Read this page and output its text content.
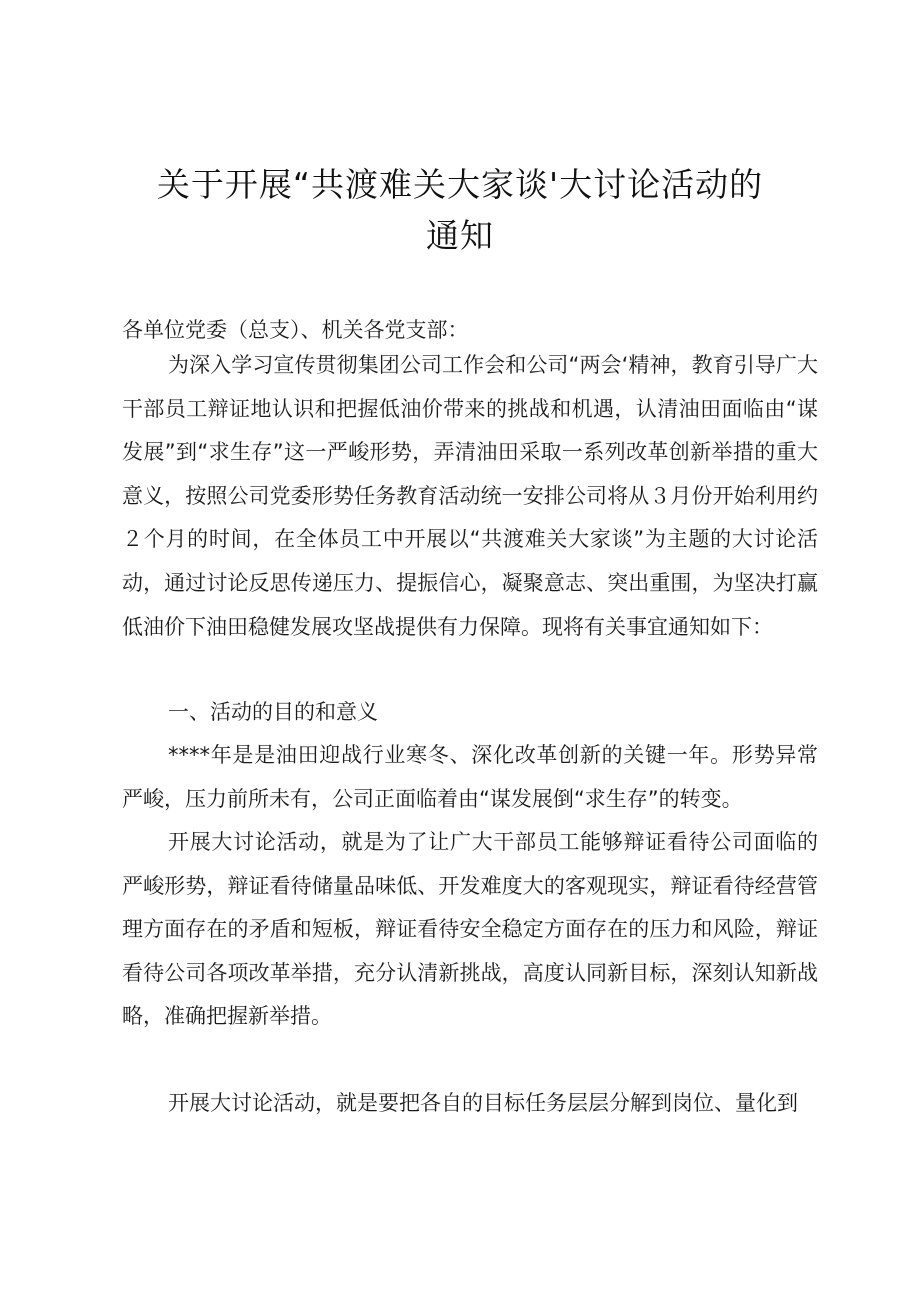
关于开展“共渡难关大家谈'大讨论活动的
通知

各单位党委（总支）、机关各党支部：

为深入学习宣传贯彻集团公司工作会和公司“两会‘精神，教育引导广大干部员工辩证地认识和把握低油价带来的挑战和机遇，认清油田面临由“谋发展”到“求生存”这一严峻形势，弄清油田采取一系列改革创新举措的重大意义，按照公司党委形势任务教育活动统一安排公司将从３月份开始利用约２个月的时间，在全体员工中开展以“共渡难关大家谈”为主题的大讨论活动，通过讨论反思传递压力、提振信心，凝聚意志、突出重围，为坚决打赢低油价下油田稳健发展攻坚战提供有力保障。现将有关事宜通知如下：

一、活动的目的和意义

****年是是油田迎战行业寒冬、深化改革创新的关键一年。形势异常严峻，压力前所未有，公司正面临着由“谋发展倒“求生存”的转变。

开展大讨论活动，就是为了让广大干部员工能够辩证看待公司面临的严峻形势，辩证看待储量品味低、开发难度大的客观现实，辩证看待经营管理方面存在的矛盾和短板，辩证看待安全稳定方面存在的压力和风险，辩证看待公司各项改革举措，充分认清新挑战，高度认同新目标，深刻认知新战略，准确把握新举措。

开展大讨论活动，就是要把各自的目标任务层层分解到岗位、量化到
